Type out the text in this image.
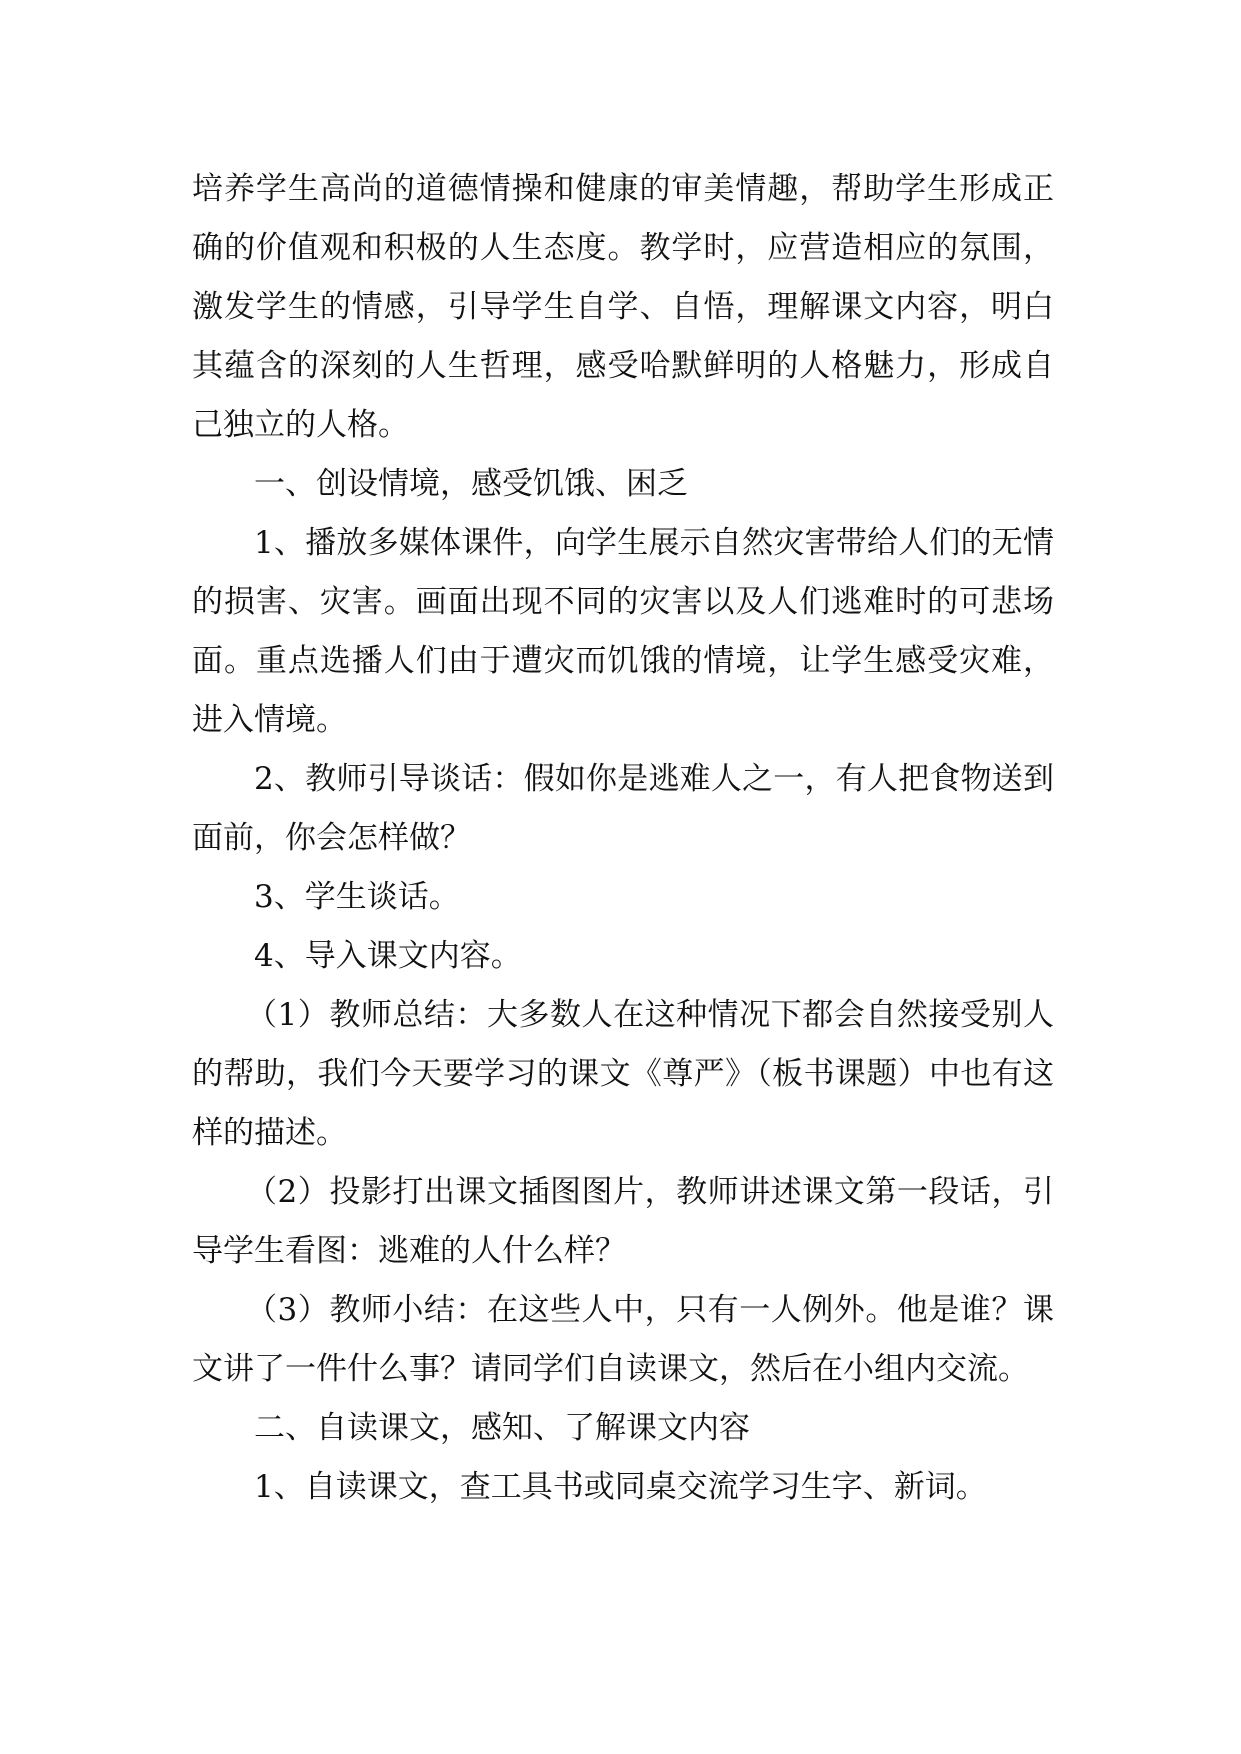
培养学生高尚的道德情操和健康的审美情趣，帮助学生形成正确的价值观和积极的人生态度。教学时，应营造相应的氛围，激发学生的情感，引导学生自学、自悟，理解课文内容，明白其蕴含的深刻的人生哲理，感受哈默鲜明的人格魅力，形成自己独立的人格。

一、创设情境，感受饥饿、困乏

1、播放多媒体课件，向学生展示自然灾害带给人们的无情的损害、灾害。画面出现不同的灾害以及人们逃难时的可悲场面。重点选播人们由于遭灾而饥饿的情境，让学生感受灾难，进入情境。

2、教师引导谈话：假如你是逃难人之一，有人把食物送到面前，你会怎样做？

3、学生谈话。

4、导入课文内容。

（1）教师总结：大多数人在这种情况下都会自然接受别人的帮助，我们今天要学习的课文《尊严》（板书课题）中也有这样的描述。

（2）投影打出课文插图图片，教师讲述课文第一段话，引导学生看图：逃难的人什么样？

（3）教师小结：在这些人中，只有一人例外。他是谁？课文讲了一件什么事？请同学们自读课文，然后在小组内交流。

二、自读课文，感知、了解课文内容

1、自读课文，查工具书或同桌交流学习生字、新词。
